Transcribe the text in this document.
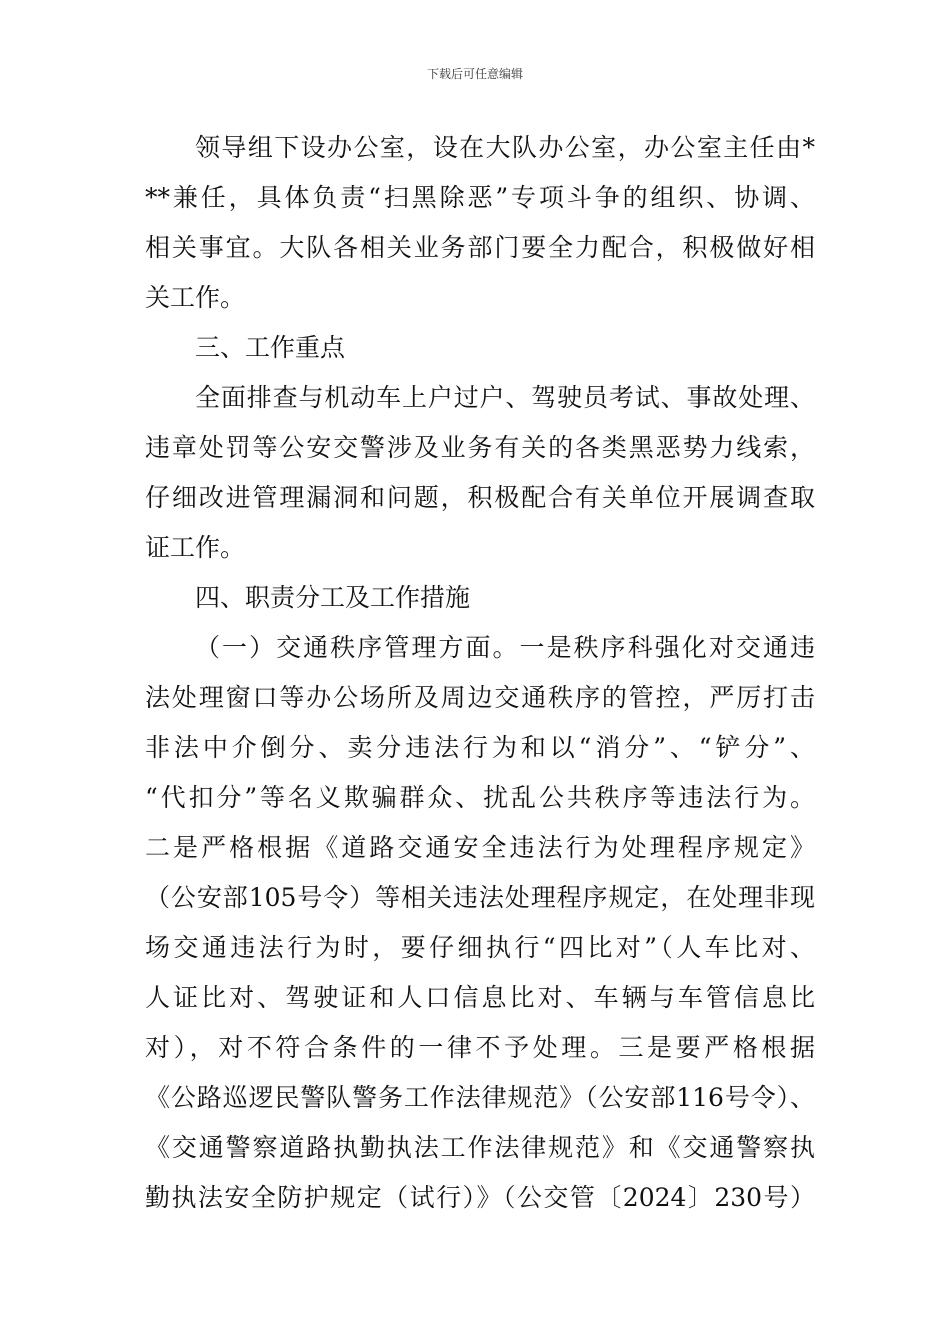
下载后可任意编辑
领导组下设办公室，设在大队办公室，办公室主任由*
**兼任，具体负责“扫黑除恶”专项斗争的组织、协调、
相关事宜。大队各相关业务部门要全力配合，积极做好相
关工作。
三、工作重点
全面排查与机动车上户过户、驾驶员考试、事故处理、
违章处罚等公安交警涉及业务有关的各类黑恶势力线索，
仔细改进管理漏洞和问题，积极配合有关单位开展调查取
证工作。
四、职责分工及工作措施
（一）交通秩序管理方面。一是秩序科强化对交通违
法处理窗口等办公场所及周边交通秩序的管控，严厉打击
非法中介倒分、卖分违法行为和以“消分”、“铲分”、
“代扣分”等名义欺骗群众、扰乱公共秩序等违法行为。
二是严格根据《道路交通安全违法行为处理程序规定》
（公安部105号令）等相关违法处理程序规定，在处理非现
场交通违法行为时，要仔细执行“四比对”（人车比对、
人证比对、驾驶证和人口信息比对、车辆与车管信息比
对），对不符合条件的一律不予处理。三是要严格根据
《公路巡逻民警队警务工作法律规范》（公安部116号令）、
《交通警察道路执勤执法工作法律规范》和《交通警察执
勤执法安全防护规定（试行）》（公交管〔2024〕230号）
